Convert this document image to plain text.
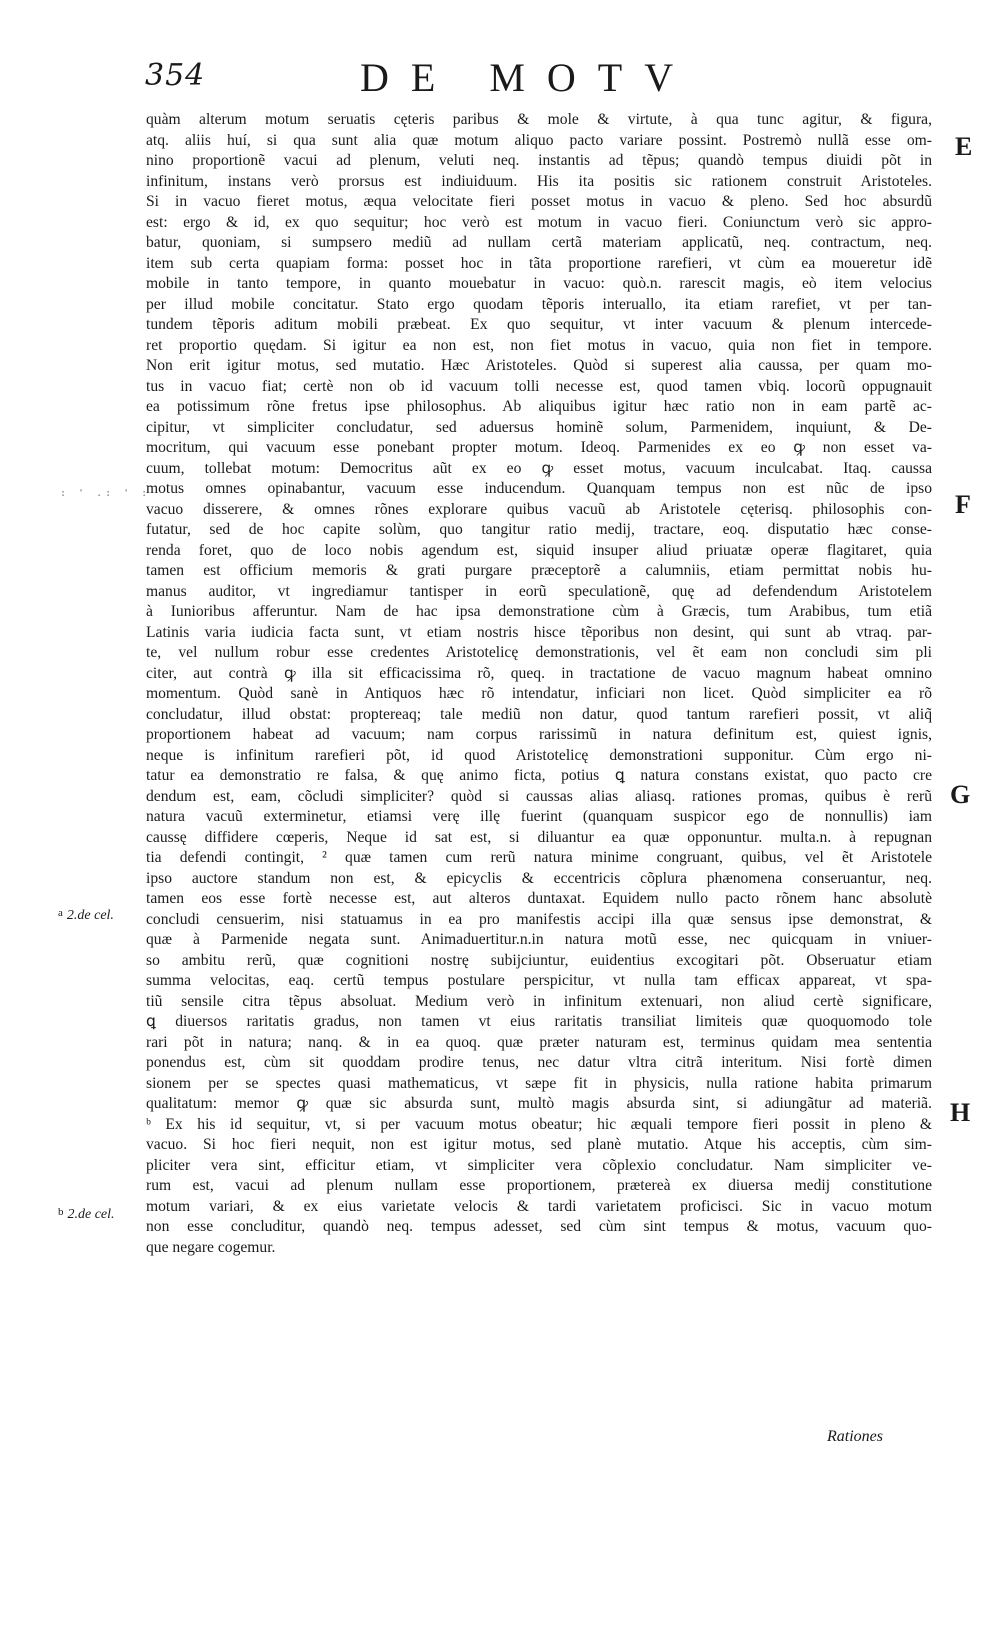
354	DE MOTV
quàm alterum motum seruatis cęteris paribus & mole & virtute, à qua tunc agitur, & figura,
atq. aliis huí, si qua sunt alia quæ motum aliquo pacto variare possint. Postremò nullã esse om-
nino proportionẽ vacui ad plenum, veluti neq. instantis ad tẽpus; quandò tempus diuidi põt in
infinitum, instans verò prorsus est indiuiduum. His ita positis sic rationem construit Aristoteles.
Si in vacuo fieret motus, æqua velocitate fieri posset motus in vacuo & pleno. Sed hoc absurdũ
est: ergo & id, ex quo sequitur; hoc verò est motum in vacuo fieri. Coniunctum verò sic appro-
batur, quoniam, si sumpsero mediũ ad nullam certã materiam applicatũ, neq. contractum, neq.
item sub certa quapiam forma: posset hoc in tãta proportione rarefieri, vt cùm ea moueretur idẽ
mobile in tanto tempore, in quanto mouebatur in vacuo: quò.n. rarescit magis, eò item velocius
per illud mobile concitatur. Stato ergo quodam tẽporis interuallo, ita etiam rarefiet, vt per tan-
tundem tẽporis aditum mobili præbeat. Ex quo sequitur, vt inter vacuum & plenum intercede-
ret proportio quędam. Si igitur ea non est, non fiet motus in vacuo, quia non fiet in tempore.
Non erit igitur motus, sed mutatio. Hæc Aristoteles. Quòd si superest alia caussa, per quam mo-
tus in vacuo fiat; certè non ob id vacuum tolli necesse est, quod tamen vbiq. locorũ oppugnauit
ea potissimum rõne fretus ipse philosophus. Ab aliquibus igitur hæc ratio non in eam partẽ ac-
cipitur, vt simpliciter concludatur, sed aduersus hominẽ solum, Parmenidem, inquiunt, & De-
mocritum, qui vacuum esse ponebant propter motum. Ideoq. Parmenides ex eo ꝙ non esset va-
cuum, tollebat motum: Democritus aũt ex eo ꝙ esset motus, vacuum inculcabat. Itaq. caussa
motus omnes opinabantur, vacuum esse inducendum. Quanquam tempus non est nũc de ipso
vacuo disserere, & omnes rõnes explorare quibus vacuũ ab Aristotele cęterisq. philosophis con-
futatur, sed de hoc capite solùm, quo tangitur ratio medij, tractare, eoq. disputatio hæc conse-
renda foret, quo de loco nobis agendum est, siquid insuper aliud priuatæ operæ flagitaret, quia
tamen est officium memoris & grati purgare præceptorẽ a calumniis, etiam permittat nobis hu-
manus auditor, vt ingrediamur tantisper in eorũ speculationẽ, quę ad defendendum Aristotelem
à Iunioribus afferuntur. Nam de hac ipsa demonstratione cùm à Græcis, tum Arabibus, tum etiã
Latinis varia iudicia facta sunt, vt etiam nostris hisce tẽporibus non desint, qui sunt ab vtraq. par-
te, vel nullum robur esse credentes Aristotelicę demonstrationis, vel ẽt eam non concludi sim pli
citer, aut contrà ꝙ illa sit efficacissima rõ, queq. in tractatione de vacuo magnum habeat omnino
momentum. Quòd sanè in Antiquos hæc rõ intendatur, inficiari non licet. Quòd simpliciter ea rõ
concludatur, illud obstat: proptereaq; tale mediũ non datur, quod tantum rarefieri possit, vt aliq̃
proportionem habeat ad vacuum; nam corpus rarissimũ in natura definitum est, quiest ignis,
neque is infinitum rarefieri põt, id quod Aristotelicę demonstrationi supponitur. Cùm ergo ni-
tatur ea demonstratio re falsa, & quę animo ficta, potius ꝗ natura constans existat, quo pacto cre
dendum est, eam, cõcludi simpliciter? quòd si caussas alias aliasq. rationes promas, quibus è rerũ
natura vacuũ exterminetur, etiamsi verę illę fuerint (quanquam suspicor ego de nonnullis) iam
caussę diffidere cœperis, Neque id sat est, si diluantur ea quæ opponuntur. multa.n. à repugnan
tia defendi contingit, ² quæ tamen cum rerũ natura minime congruant, quibus, vel ẽt Aristotele
ipso auctore standum non est, & epicyclis & eccentricis cõplura phænomena conseruantur, neq.
tamen eos esse fortè necesse est, aut alteros duntaxat. Equidem nullo pacto rõnem hanc absolutè
concludi censuerim, nisi statuamus in ea pro manifestis accipi illa quæ sensus ipse demonstrat, &
quæ à Parmenide negata sunt. Animaduertitur.n.in natura motũ esse, nec quicquam in vniuer-
so ambitu rerũ, quæ cognitioni nostrę subijciuntur, euidentius excogitari põt. Obseruatur etiam
summa velocitas, eaq. certũ tempus postulare perspicitur, vt nulla tam efficax appareat, vt spa-
tiũ sensile citra tẽpus absoluat. Medium verò in infinitum extenuari, non aliud certè significare,
ꝗ diuersos raritatis gradus, non tamen vt eius raritatis transiliat limiteis quæ quoquomodo tole
rari põt in natura; nanq. & in ea quoq. quæ præter naturam est, terminus quidam mea sententia
ponendus est, cùm sit quoddam prodire tenus, nec datur vltra citrã interitum. Nisi fortè dimen
sionem per se spectes quasi mathematicus, vt sæpe fit in physicis, nulla ratione habita primarum
qualitatum: memor ꝙ quæ sic absurda sunt, multò magis absurda sint, si adiungãtur ad materiã.
ᵇ Ex his id sequitur, vt, si per vacuum motus obeatur; hic æquali tempore fieri possit in pleno &
vacuo. Si hoc fieri nequit, non est igitur motus, sed planè mutatio. Atque his acceptis, cùm sim-
pliciter vera sint, efficitur etiam, vt simpliciter vera cõplexio concludatur. Nam simpliciter ve-
rum est, vacui ad plenum nullam esse proportionem, prætereà ex diuersa medij constitutione
motum variari, & ex eius varietate velocis & tardi varietatem proficisci. Sic in vacuo motum
non esse concluditur, quandò neq. tempus adesset, sed cùm sint tempus & motus, vacuum quo-
que negare cogemur.
E
F
G
H
: ' .: ' :
$^a$ 2.de cel.
$^b$ 2.de cel.
Rationes
